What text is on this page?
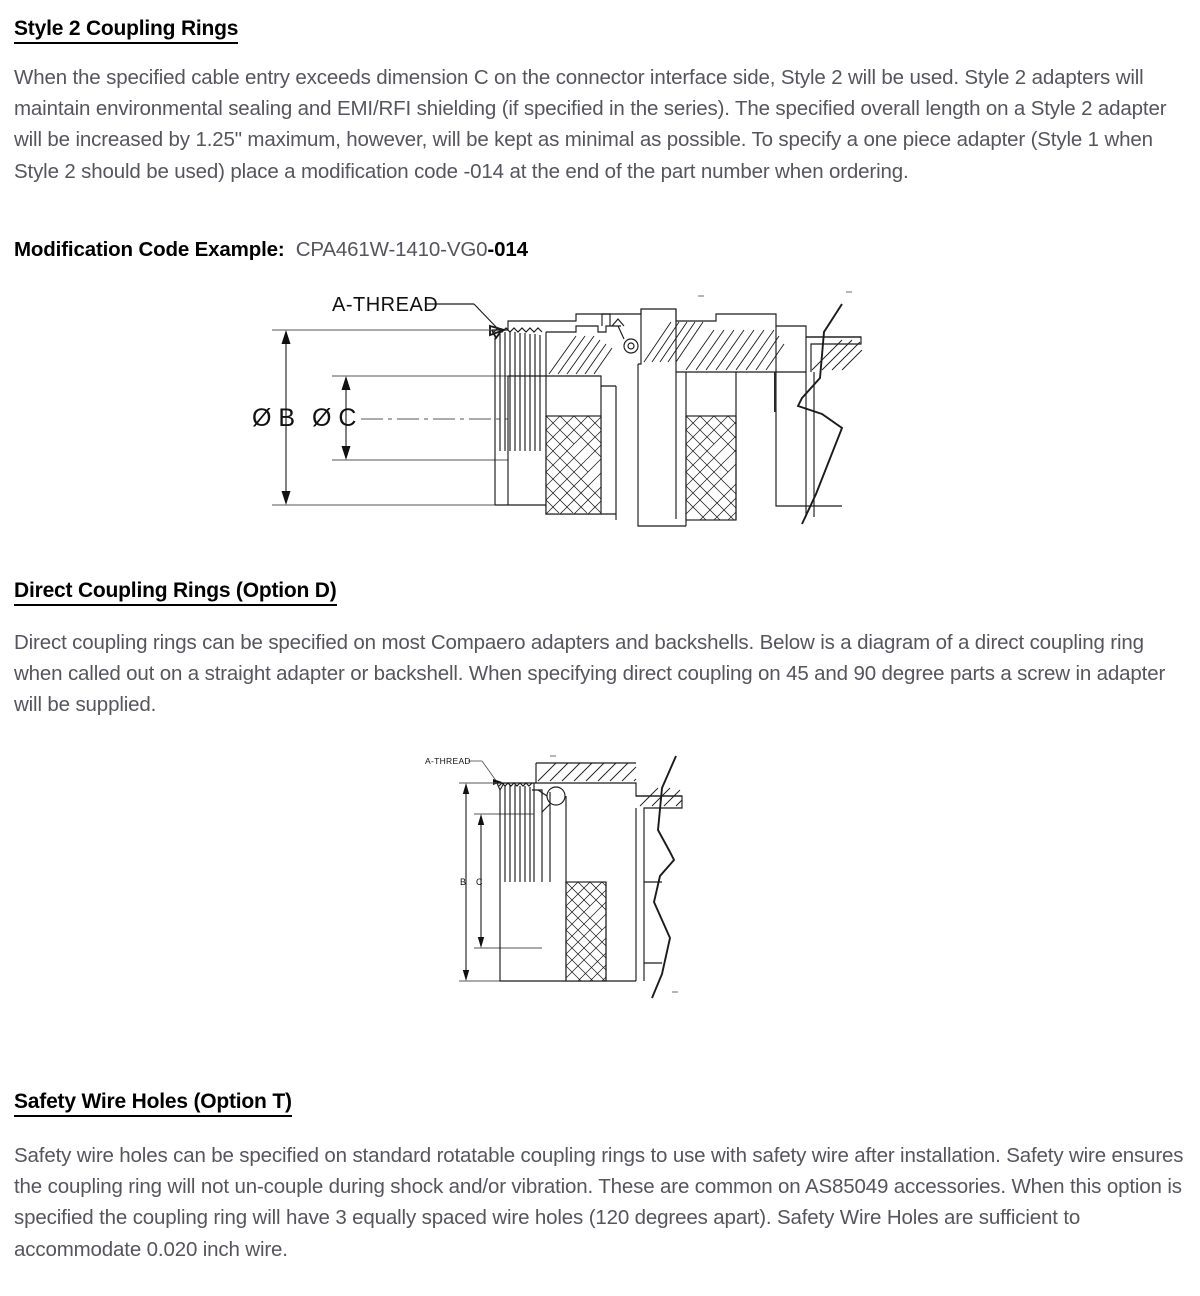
Style 2 Coupling Rings

When the specified cable entry exceeds dimension C on the connector interface side, Style 2 will be used. Style 2 adapters will maintain environmental sealing and EMI/RFI shielding (if specified in the series). The specified overall length on a Style 2 adapter will be increased by 1.25" maximum, however, will be kept as minimal as possible. To specify a one piece adapter (Style 1 when Style 2 should be used) place a modification code -014 at the end of the part number when ordering.

Modification Code Example: CPA461W-1410-VG0-014
A-THREAD
Ø B Ø C
Direct Coupling Rings (Option D)

Direct coupling rings can be specified on most Compaero adapters and backshells. Below is a diagram of a direct coupling ring when called out on a straight adapter or backshell. When specifying direct coupling on 45 and 90 degree parts a screw in adapter will be supplied.

A-THREAD
B C
Safety Wire Holes (Option T)

Safety wire holes can be specified on standard rotatable coupling rings to use with safety wire after installation. Safety wire ensures the coupling ring will not un-couple during shock and/or vibration. These are common on AS85049 accessories. When this option is specified the coupling ring will have 3 equally spaced wire holes (120 degrees apart). Safety Wire Holes are sufficient to accommodate 0.020 inch wire.
